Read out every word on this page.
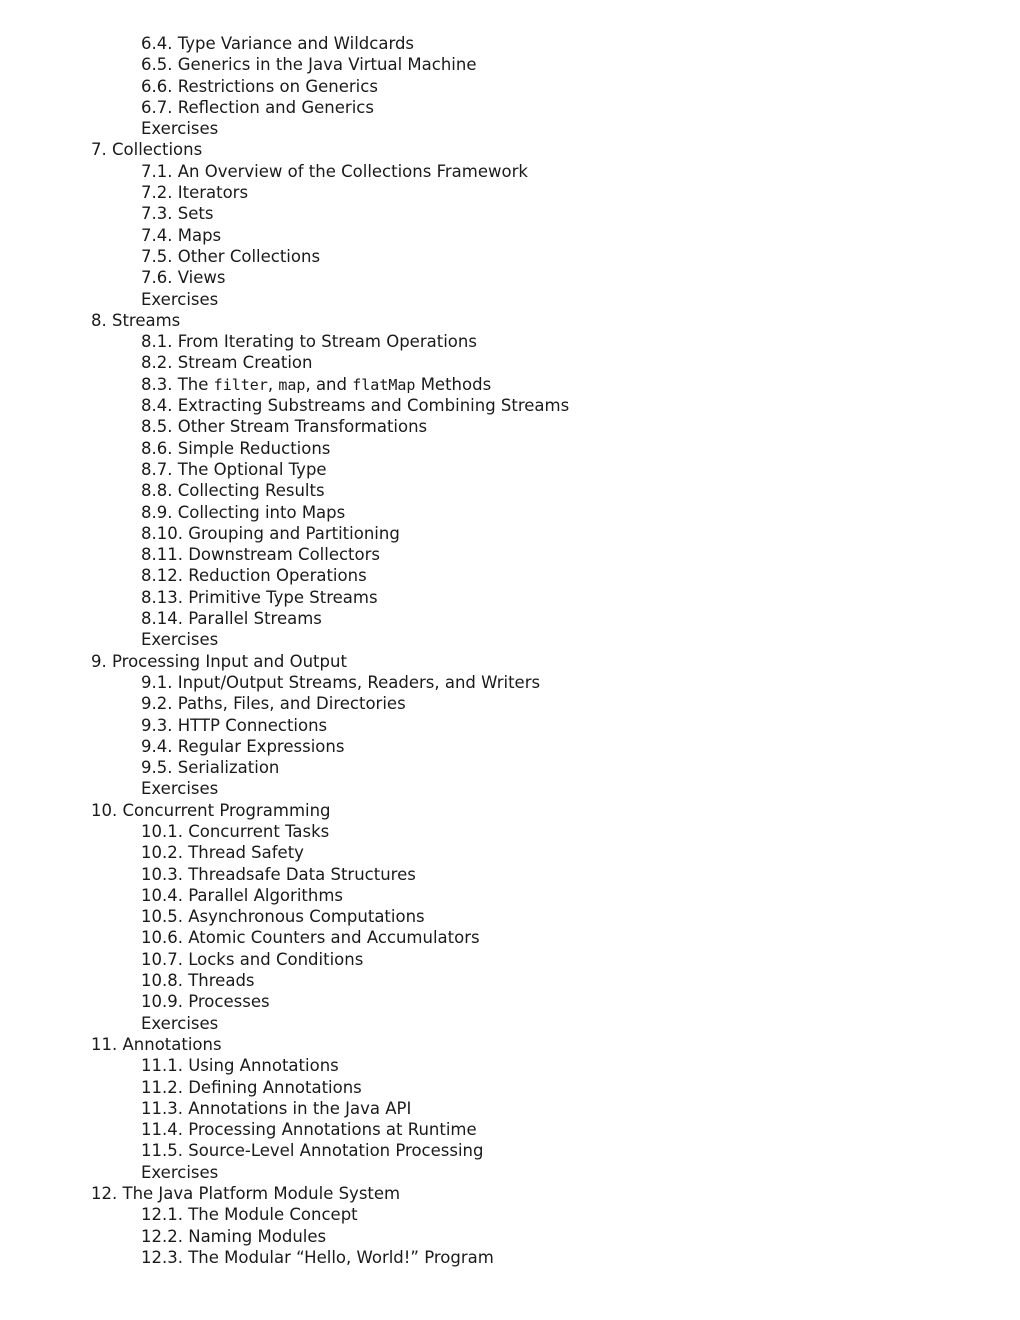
6.4. Type Variance and Wildcards
6.5. Generics in the Java Virtual Machine
6.6. Restrictions on Generics
6.7. Reflection and Generics
Exercises
7. Collections
7.1. An Overview of the Collections Framework
7.2. Iterators
7.3. Sets
7.4. Maps
7.5. Other Collections
7.6. Views
Exercises
8. Streams
8.1. From Iterating to Stream Operations
8.2. Stream Creation
8.3. The filter, map, and flatMap Methods
8.4. Extracting Substreams and Combining Streams
8.5. Other Stream Transformations
8.6. Simple Reductions
8.7. The Optional Type
8.8. Collecting Results
8.9. Collecting into Maps
8.10. Grouping and Partitioning
8.11. Downstream Collectors
8.12. Reduction Operations
8.13. Primitive Type Streams
8.14. Parallel Streams
Exercises
9. Processing Input and Output
9.1. Input/Output Streams, Readers, and Writers
9.2. Paths, Files, and Directories
9.3. HTTP Connections
9.4. Regular Expressions
9.5. Serialization
Exercises
10. Concurrent Programming
10.1. Concurrent Tasks
10.2. Thread Safety
10.3. Threadsafe Data Structures
10.4. Parallel Algorithms
10.5. Asynchronous Computations
10.6. Atomic Counters and Accumulators
10.7. Locks and Conditions
10.8. Threads
10.9. Processes
Exercises
11. Annotations
11.1. Using Annotations
11.2. Defining Annotations
11.3. Annotations in the Java API
11.4. Processing Annotations at Runtime
11.5. Source-Level Annotation Processing
Exercises
12. The Java Platform Module System
12.1. The Module Concept
12.2. Naming Modules
12.3. The Modular “Hello, World!” Program
